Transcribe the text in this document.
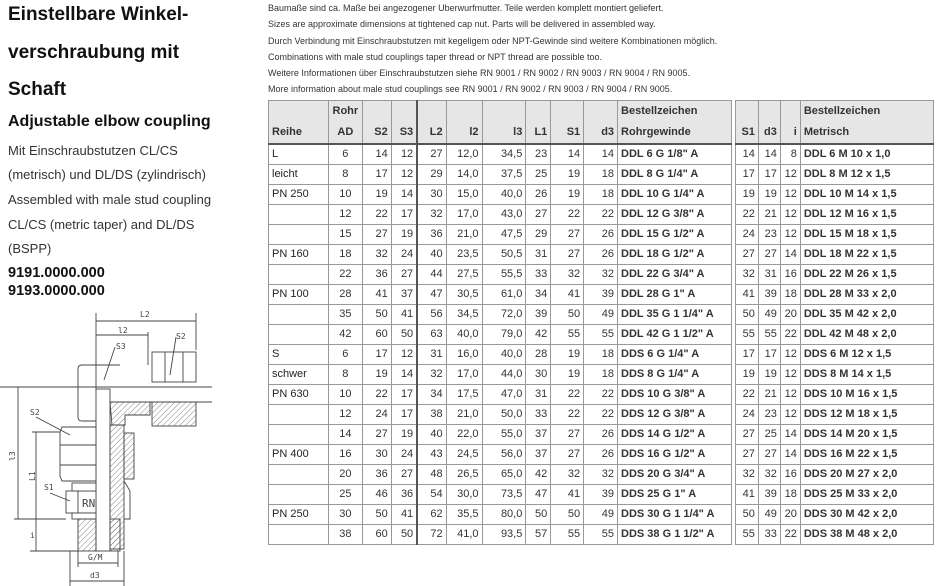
Einstellbare Winkel-
verschraubung mit
Schaft
Adjustable elbow coupling
Mit Einschraubstutzen CL/CS
(metrisch) und DL/DS (zylindrisch)
Assembled with male stud coupling
CL/CS (metric taper) and DL/DS
(BSPP)
9191.0000.000
9193.0000.000
Baumaße sind ca. Maße bei angezogener Uberwurfmutter. Teile werden komplett montiert geliefert.
Sizes are approximate dimensions at tightened cap nut. Parts will be delivered in assembled way.
Durch Verbindung mit Einschraubstutzen mit kegeligem oder NPT-Gewinde sind weitere Kombinationen möglich.
Combinations with male stud couplings taper thread or NPT thread are possible too.
Weitere Informationen über Einschraubstutzen siehe RN 9001 / RN 9002 / RN 9003 / RN 9004 / RN 9005.
More information about male stud couplings see RN 9001 / RN 9002 / RN 9003 / RN 9004 / RN 9005.
L2
l2
S3
S2
S2
l3
L1
S1
RN
i
G/M
d3
	Rohr									Bestellzeichen
Reihe	AD	S2	S3	L2	l2	l3	L1	S1	d3	Rohrgewinde
L	6	14	12	27	12,0	34,5	23	14	14	DDL 6 G 1/8" A
leicht	8	17	12	29	14,0	37,5	25	19	18	DDL 8 G 1/4" A
PN 250	10	19	14	30	15,0	40,0	26	19	18	DDL 10 G 1/4" A
	12	22	17	32	17,0	43,0	27	22	22	DDL 12 G 3/8" A
	15	27	19	36	21,0	47,5	29	27	26	DDL 15 G 1/2" A
PN 160	18	32	24	40	23,5	50,5	31	27	26	DDL 18 G 1/2" A
	22	36	27	44	27,5	55,5	33	32	32	DDL 22 G 3/4" A
PN 100	28	41	37	47	30,5	61,0	34	41	39	DDL 28 G 1" A
	35	50	41	56	34,5	72,0	39	50	49	DDL 35 G 1 1/4" A
	42	60	50	63	40,0	79,0	42	55	55	DDL 42 G 1 1/2" A
S	6	17	12	31	16,0	40,0	28	19	18	DDS 6 G 1/4" A
schwer	8	19	14	32	17,0	44,0	30	19	18	DDS 8 G 1/4" A
PN 630	10	22	17	34	17,5	47,0	31	22	22	DDS 10 G 3/8" A
	12	24	17	38	21,0	50,0	33	22	22	DDS 12 G 3/8" A
	14	27	19	40	22,0	55,0	37	27	26	DDS 14 G 1/2" A
PN 400	16	30	24	43	24,5	56,0	37	27	26	DDS 16 G 1/2" A
	20	36	27	48	26,5	65,0	42	32	32	DDS 20 G 3/4" A
	25	46	36	54	30,0	73,5	47	41	39	DDS 25 G 1" A
PN 250	30	50	41	62	35,5	80,0	50	50	49	DDS 30 G 1 1/4" A
	38	60	50	72	41,0	93,5	57	55	55	DDS 38 G 1 1/2" A
			Bestellzeichen
S1	d3	i	Metrisch
14	14	8	DDL 6 M 10 x 1,0
17	17	12	DDL 8 M 12 x 1,5
19	19	12	DDL 10 M 14 x 1,5
22	21	12	DDL 12 M 16 x 1,5
24	23	12	DDL 15 M 18 x 1,5
27	27	14	DDL 18 M 22 x 1,5
32	31	16	DDL 22 M 26 x 1,5
41	39	18	DDL 28 M 33 x 2,0
50	49	20	DDL 35 M 42 x 2,0
55	55	22	DDL 42 M 48 x 2,0
17	17	12	DDS 6 M 12 x 1,5
19	19	12	DDS 8 M 14 x 1,5
22	21	12	DDS 10 M 16 x 1,5
24	23	12	DDS 12 M 18 x 1,5
27	25	14	DDS 14 M 20 x 1,5
27	27	14	DDS 16 M 22 x 1,5
32	32	16	DDS 20 M 27 x 2,0
41	39	18	DDS 25 M 33 x 2,0
50	49	20	DDS 30 M 42 x 2,0
55	33	22	DDS 38 M 48 x 2,0
